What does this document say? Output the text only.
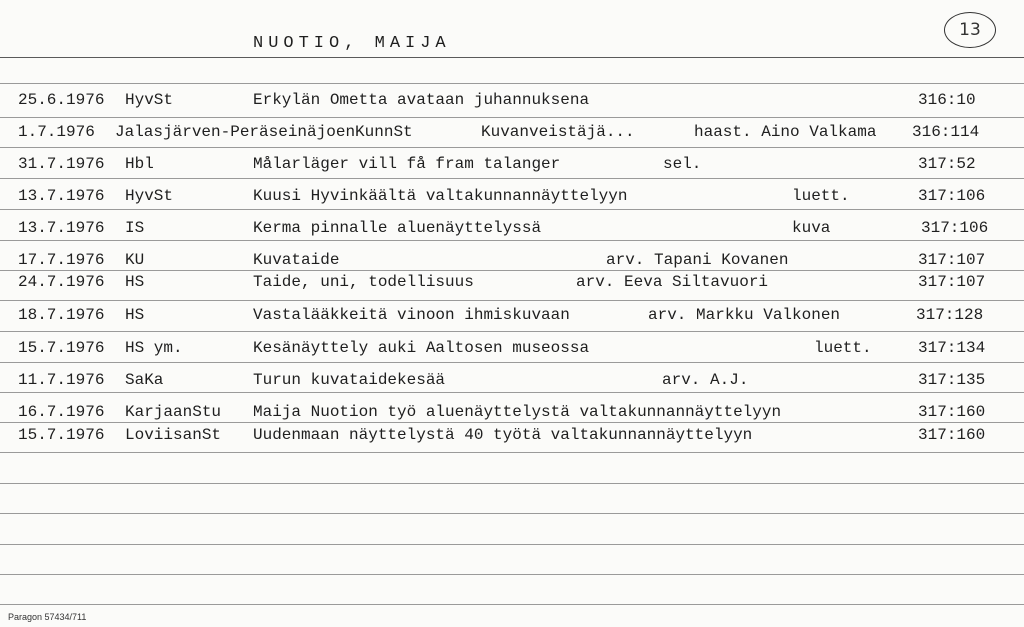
NUOTIO, MAIJA
13
25.6.1976 HyvSt	Erkylän Ometta avataan juhannuksena	316:10
1.7.1976 Jalasjärven-PeräseinäjoenKunnSt	Kuvanveistäjä...	haast. Aino Valkama 316:114
31.7.1976 Hbl	Målarläger vill få fram talanger	sel.	317:52
13.7.1976 HyvSt	Kuusi Hyvinkäältä valtakunnannäyttelyyn	luett.	317:106
13.7.1976 IS	Kerma pinnalle aluenäyttelyssä	kuva	317:106
17.7.1976 KU	Kuvataide	arv. Tapani Kovanen	317:107
24.7.1976 HS	Taide, uni, todellisuus	arv. Eeva Siltavuori	317:107
18.7.1976 HS	Vastalääkkeitä vinoon ihmiskuvaan	arv. Markku Valkonen	317:128
15.7.1976 HS ym.	Kesänäyttely auki Aaltosen museossa	luett.	317:134
11.7.1976 SaKa	Turun kuvataidekesää	arv. A.J.	317:135
16.7.1976 KarjaanStu Maija Nuotion työ aluenäyttelystä valtakunnannäyttelyyn	317:160
15.7.1976 LoviisanSt Uudenmaan näyttelystä 40 työtä valtakunnannäyttelyyn	317:160
Paragon 57434/711
